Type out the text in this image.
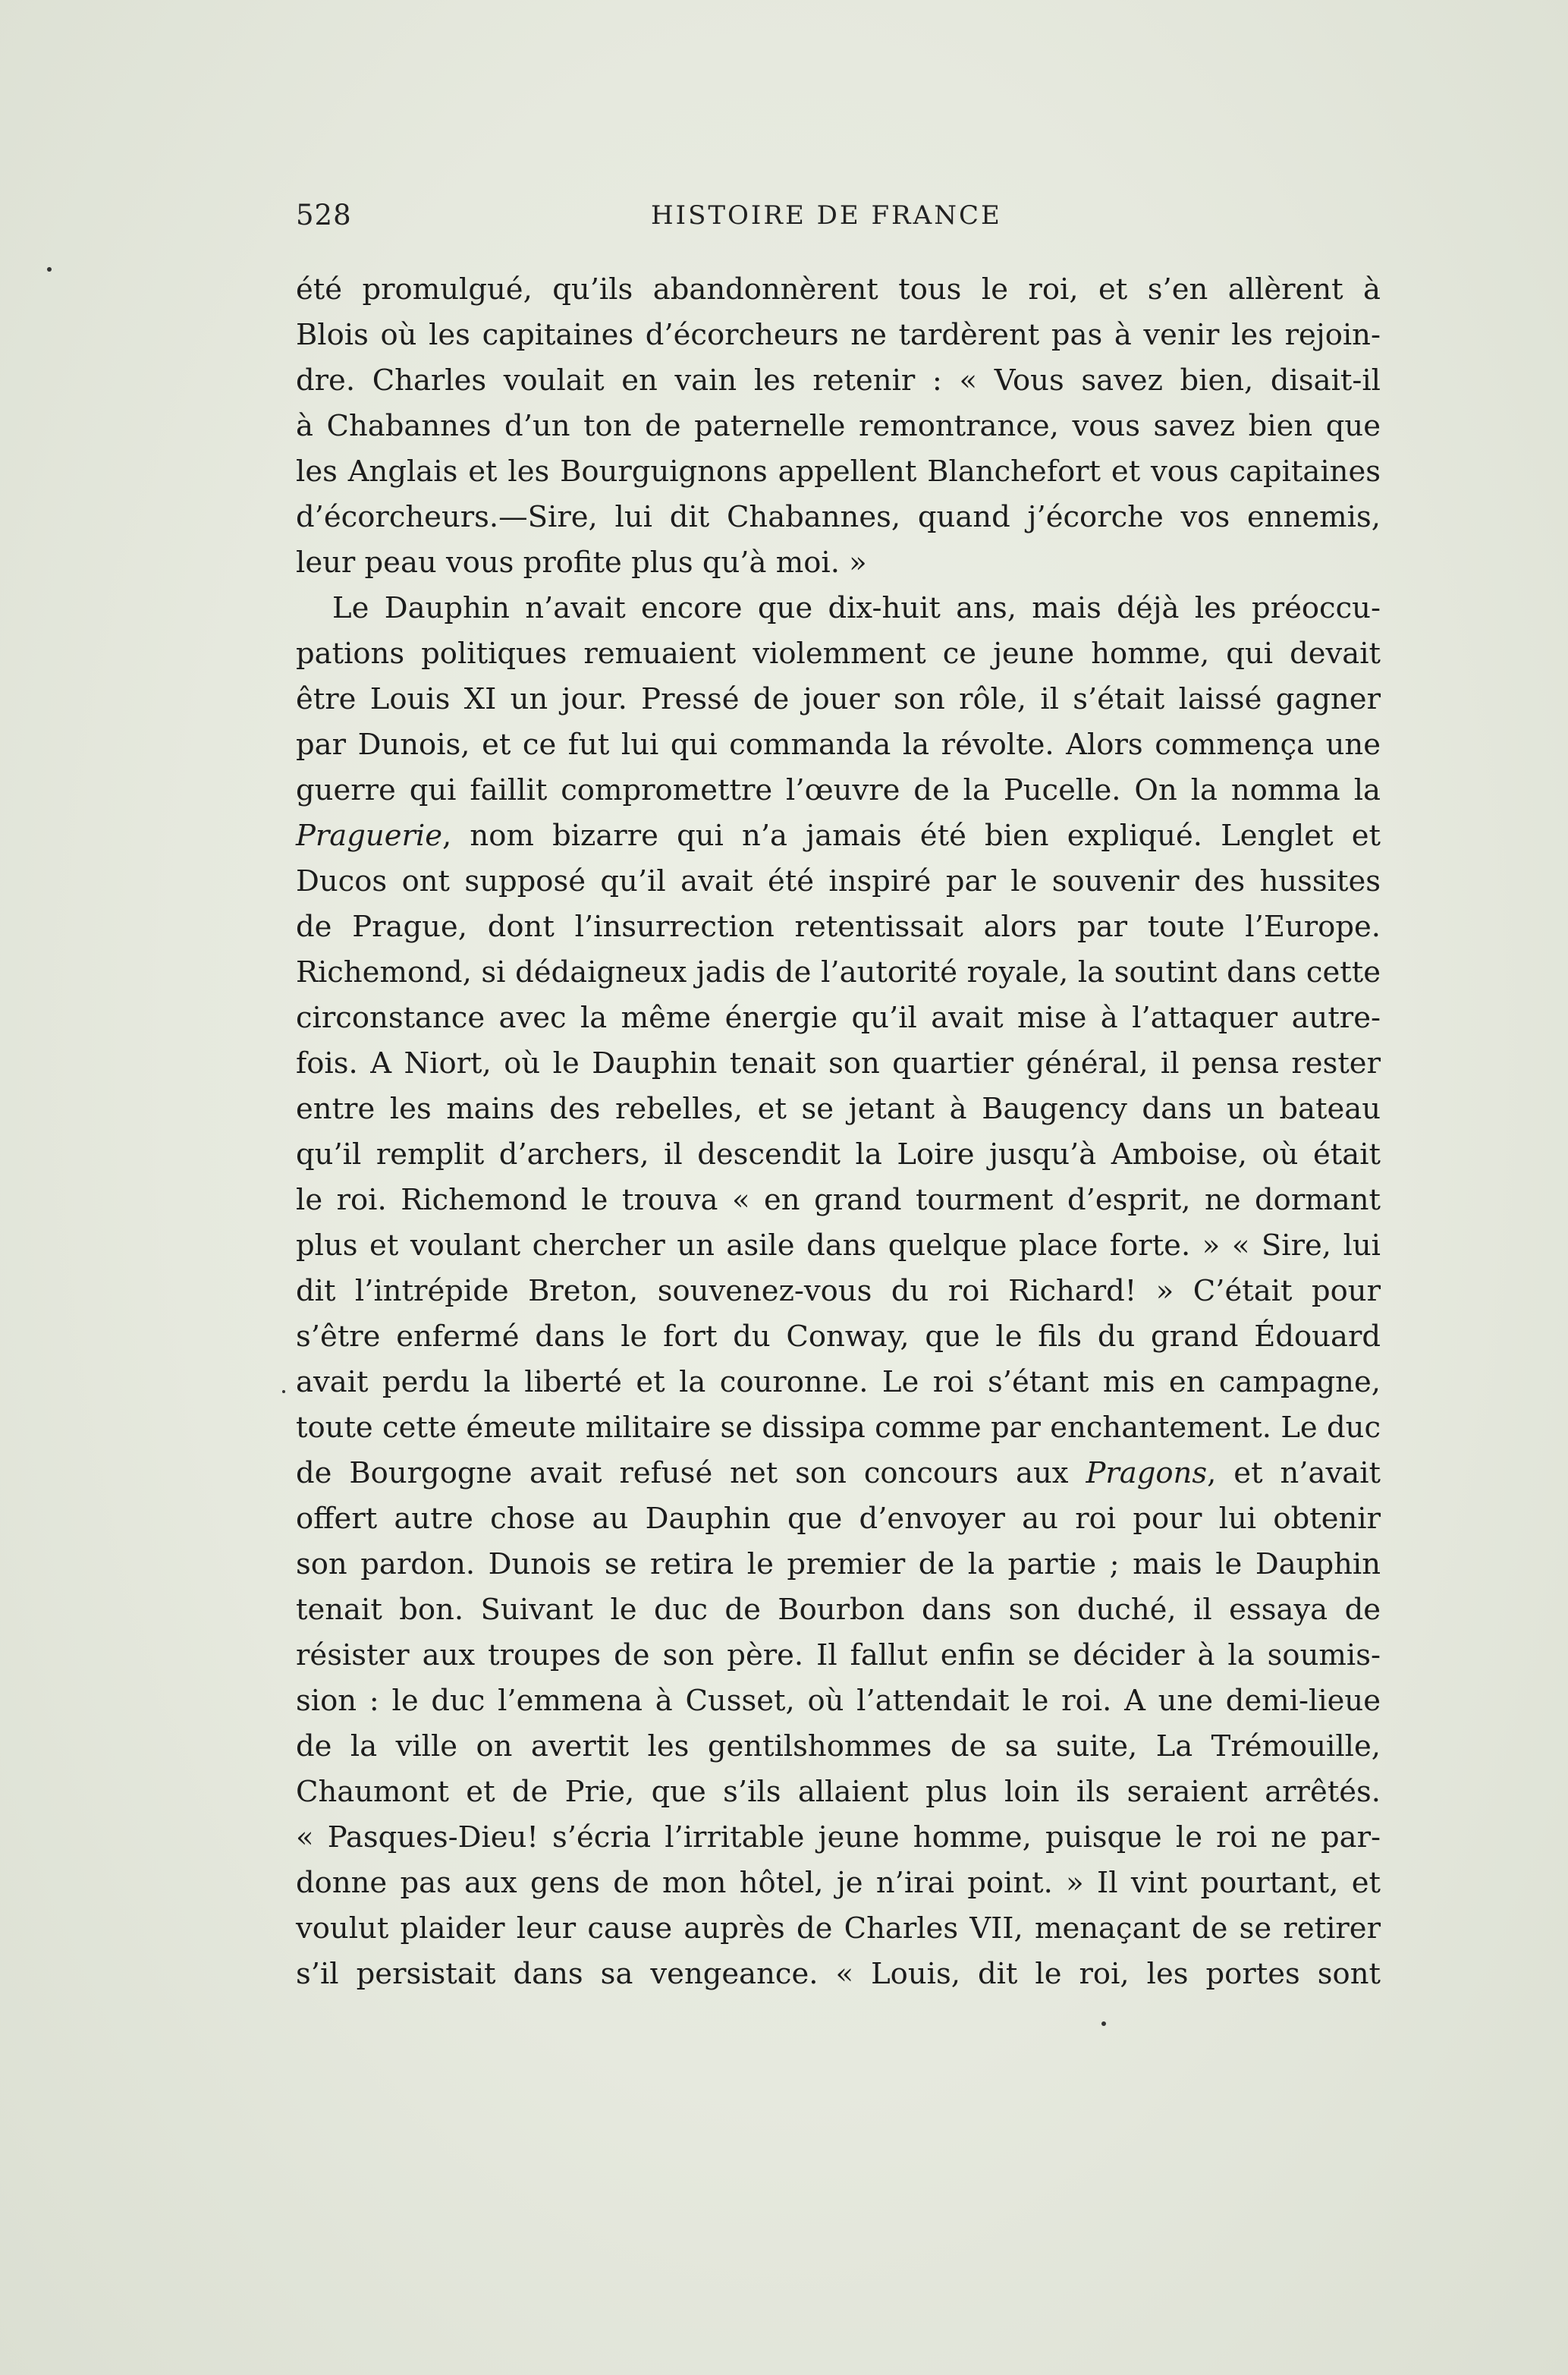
528	HISTOIRE DE FRANCE
été promulgué, qu’ils abandonnèrent tous le roi, et s’en allèrent à
Blois où les capitaines d’écorcheurs ne tardèrent pas à venir les rejoin-
dre. Charles voulait en vain les retenir : « Vous savez bien, disait-il
à Chabannes d’un ton de paternelle remontrance, vous savez bien que
les Anglais et les Bourguignons appellent Blanchefort et vous capitaines
d’écorcheurs.—Sire, lui dit Chabannes, quand j’écorche vos ennemis,
leur peau vous profite plus qu’à moi. »
Le Dauphin n’avait encore que dix-huit ans, mais déjà les préoccu-
pations politiques remuaient violemment ce jeune homme, qui devait
être Louis XI un jour. Pressé de jouer son rôle, il s’était laissé gagner
par Dunois, et ce fut lui qui commanda la révolte. Alors commença une
guerre qui faillit compromettre l’œuvre de la Pucelle. On la nomma la
Praguerie, nom bizarre qui n’a jamais été bien expliqué. Lenglet et
Ducos ont supposé qu’il avait été inspiré par le souvenir des hussites
de Prague, dont l’insurrection retentissait alors par toute l’Europe.
Richemond, si dédaigneux jadis de l’autorité royale, la soutint dans cette
circonstance avec la même énergie qu’il avait mise à l’attaquer autre-
fois. A Niort, où le Dauphin tenait son quartier général, il pensa rester
entre les mains des rebelles, et se jetant à Baugency dans un bateau
qu’il remplit d’archers, il descendit la Loire jusqu’à Amboise, où était
le roi. Richemond le trouva « en grand tourment d’esprit, ne dormant
plus et voulant chercher un asile dans quelque place forte. » « Sire, lui
dit l’intrépide Breton, souvenez-vous du roi Richard! » C’était pour
s’être enfermé dans le fort du Conway, que le fils du grand Édouard
avait perdu la liberté et la couronne. Le roi s’étant mis en campagne,
toute cette émeute militaire se dissipa comme par enchantement. Le duc
de Bourgogne avait refusé net son concours aux Pragons, et n’avait
offert autre chose au Dauphin que d’envoyer au roi pour lui obtenir
son pardon. Dunois se retira le premier de la partie ; mais le Dauphin
tenait bon. Suivant le duc de Bourbon dans son duché, il essaya de
résister aux troupes de son père. Il fallut enfin se décider à la soumis-
sion : le duc l’emmena à Cusset, où l’attendait le roi. A une demi-lieue
de la ville on avertit les gentilshommes de sa suite, La Trémouille,
Chaumont et de Prie, que s’ils allaient plus loin ils seraient arrêtés.
« Pasques-Dieu! s’écria l’irritable jeune homme, puisque le roi ne par-
donne pas aux gens de mon hôtel, je n’irai point. » Il vint pourtant, et
voulut plaider leur cause auprès de Charles VII, menaçant de se retirer
s’il persistait dans sa vengeance. « Louis, dit le roi, les portes sont
